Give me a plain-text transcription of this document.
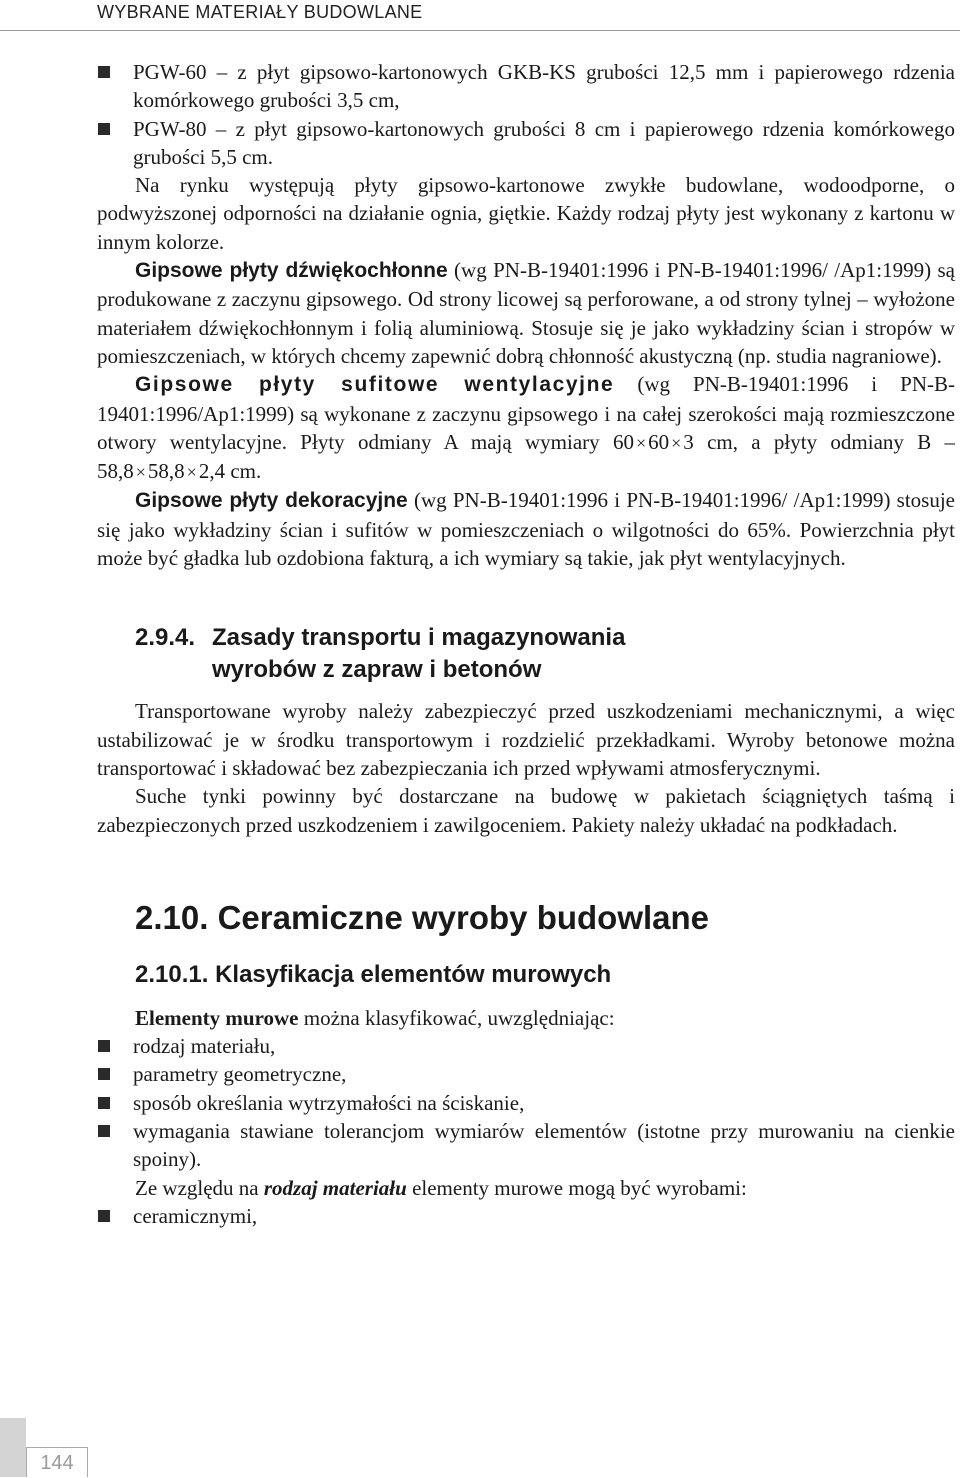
WYBRANE MATERIAŁY BUDOWLANE

PGW-60 – z płyt gipsowo-kartonowych GKB-KS grubości 12,5 mm i papierowego rdzenia komórkowego grubości 3,5 cm,

PGW-80 – z płyt gipsowo-kartonowych grubości 8 cm i papierowego rdzenia komórkowego grubości 5,5 cm.

Na rynku występują płyty gipsowo-kartonowe zwykłe budowlane, wodoodporne, o podwyższonej odporności na działanie ognia, giętkie. Każdy rodzaj płyty jest wykonany z kartonu w innym kolorze.

Gipsowe płyty dźwiękochłonne (wg PN-B-19401:1996 i PN-B-19401:1996/ /Ap1:1999) są produkowane z zaczynu gipsowego. Od strony licowej są perforowane, a od strony tylnej – wyłożone materiałem dźwiękochłonnym i folią aluminiową. Stosuje się je jako wykładziny ścian i stropów w pomieszczeniach, w których chcemy zapewnić dobrą chłonność akustyczną (np. studia nagraniowe).

Gipsowe płyty sufitowe wentylacyjne (wg PN-B-19401:1996 i PN-B-19401:1996/Ap1:1999) są wykonane z zaczynu gipsowego i na całej szerokości mają rozmieszczone otwory wentylacyjne. Płyty odmiany A mają wymiary 60 ×60 ×3 cm, a płyty odmiany B – 58,8 ×58,8 ×2,4 cm.

Gipsowe płyty dekoracyjne (wg PN-B-19401:1996 i PN-B-19401:1996/ /Ap1:1999) stosuje się jako wykładziny ścian i sufitów w pomieszczeniach o wilgotności do 65%. Powierzchnia płyt może być gładka lub ozdobiona fakturą, a ich wymiary są takie, jak płyt wentylacyjnych.

2.9.4. Zasady transportu i magazynowania
wyrobów z zapraw i betonów

Transportowane wyroby należy zabezpieczyć przed uszkodzeniami mechanicznymi, a więc ustabilizować je w środku transportowym i rozdzielić przekładkami. Wyroby betonowe można transportować i składować bez zabezpieczania ich przed wpływami atmosferycznymi.

Suche tynki powinny być dostarczane na budowę w pakietach ściągniętych taśmą i zabezpieczonych przed uszkodzeniem i zawilgoceniem. Pakiety należy układać na podkładach.

2.10. Ceramiczne wyroby budowlane
2.10.1. Klasyfikacja elementów murowych

Elementy murowe można klasyfikować, uwzględniając:

rodzaj materiału,

parametry geometryczne,

sposób określania wytrzymałości na ściskanie,

wymagania stawiane tolerancjom wymiarów elementów (istotne przy murowaniu na cienkie spoiny).

Ze względu na rodzaj materiału elementy murowe mogą być wyrobami:

ceramicznymi,

144
